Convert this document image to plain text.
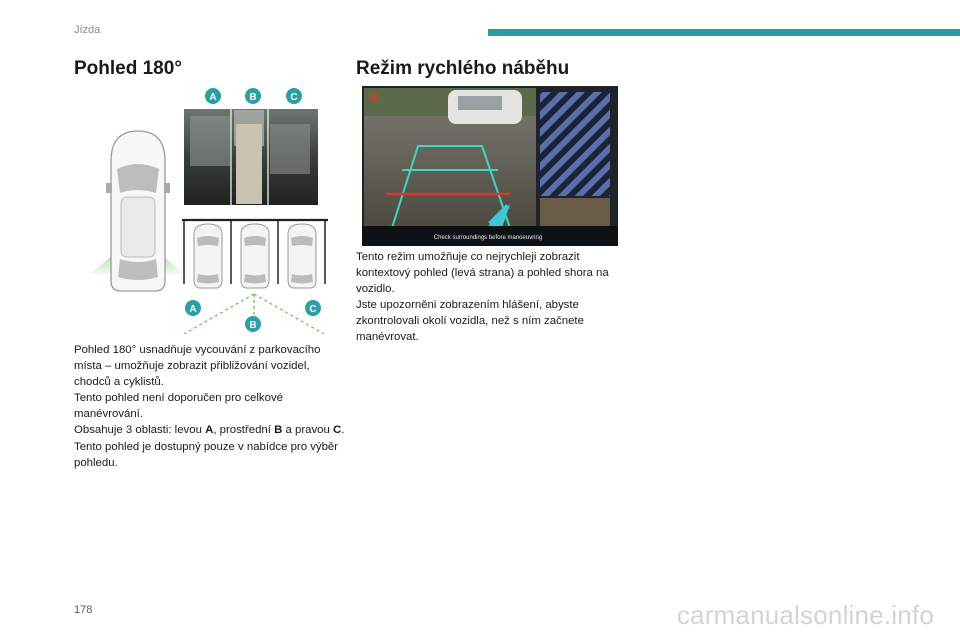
Jízda
Pohled 180°	Režim rychlého náběhu
A	B	C
A
B
C
Check surroundings before manoeuvring

Pohled 180° usnadňuje vycouvání z parkovacího místa – umožňuje zobrazit přibližování vozidel, chodců a cyklistů.

Tento pohled není doporučen pro celkové manévrování.

Obsahuje 3 oblasti: levou A, prostřední B a pravou C.

Tento pohled je dostupný pouze v nabídce pro výběr pohledu.

Tento režim umožňuje co nejrychleji zobrazit kontextový pohled (levá strana) a pohled shora na vozidlo.

Jste upozorněni zobrazením hlášení, abyste zkontrolovali okolí vozidla, než s ním začnete manévrovat.

178	carmanualsonline.info
